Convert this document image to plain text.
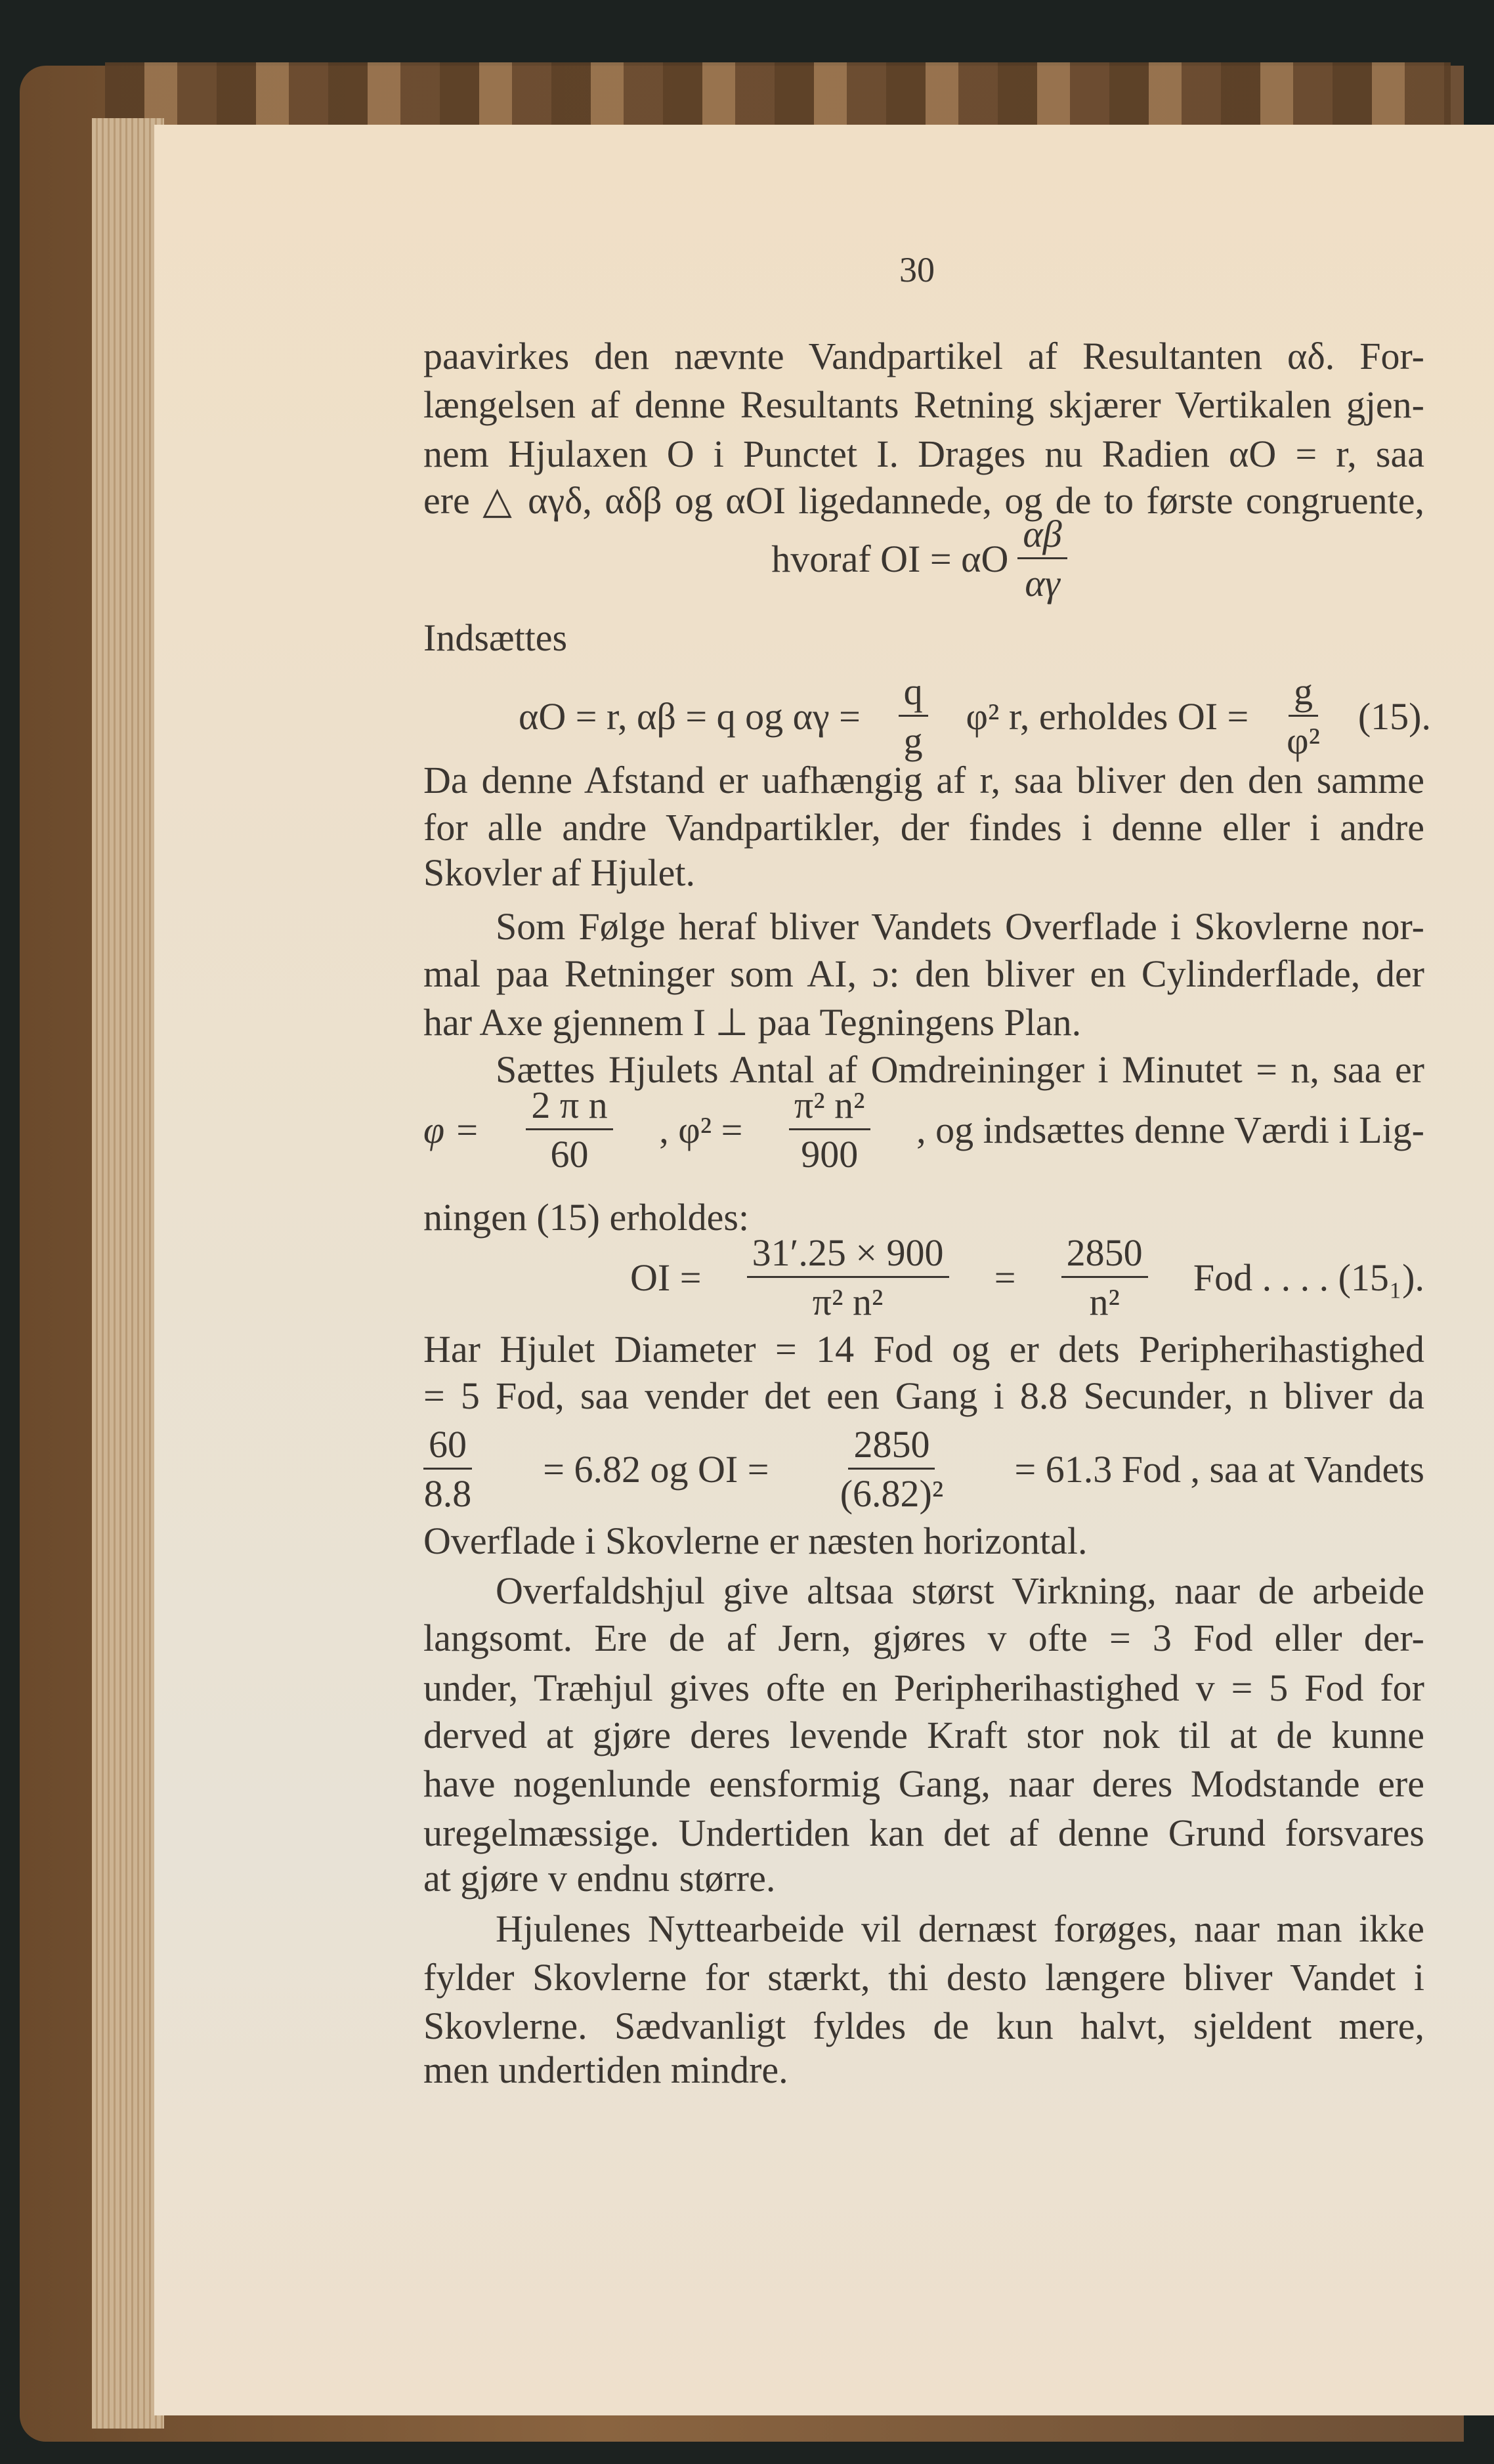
30
paavirkes den nævnte Vandpartikel af Resultanten αδ. For-
længelsen af denne Resultants Retning skjærer Vertikalen gjen-
nem Hjulaxen O i Punctet I. Drages nu Radien αO = r, saa
ere △ αγδ, αδβ og αOI ligedannede, og de to første congruente,
hvoraf OI = αO $\frac{\alpha\beta}{\alpha\gamma}$
Indsættes
αO = r, αβ = q og $\alpha\gamma = \frac{q}{g} \varphi^2$ r, erholdes OI = $\frac{g}{\text{φ²}} (15)$.
Da denne Afstand er uafhængig af r, saa bliver den den samme
for alle andre Vandpartikler, der findes i denne eller i andre
Skovler af Hjulet.
Som Følge heraf bliver Vandets Overflade i Skovlerne nor-
mal paa Retninger som AI, ɔ: den bliver en Cylinderflade, der
har Axe gjennem I ⊥ paa Tegningens Plan.
Sættes Hjulets Antal af Omdreininger i Minutet = n, saa er
$\varphi = \frac{\text{2 π n}}{60}$ , $\varphi^2 = \frac{\text{π² n²}}{900}$ , og indsættes denne Værdi i Lig-
ningen (15) erholdes:
OI = $\frac{31'.25 \times 900}{\text{π² n²}} = \frac{2850}{\text{n²}}$ Fod . . . . (15₁).
Har Hjulet Diameter = 14 Fod og er dets Peripherihastighed
= 5 Fod, saa vender det een Gang i 8.8 Secunder, n bliver da
$\frac{60}{8.8} = 6.82$ og OI = $\frac{2850}{\text{(6.82)²}} = 61.3$ Fod , saa at Vandets
Overflade i Skovlerne er næsten horizontal.
Overfaldshjul give altsaa størst Virkning, naar de arbeide
langsomt. Ere de af Jern, gjøres v ofte = 3 Fod eller der-
under, Træhjul gives ofte en Peripherihastighed v = 5 Fod for
derved at gjøre deres levende Kraft stor nok til at de kunne
have nogenlunde eensformig Gang, naar deres Modstande ere
uregelmæssige. Undertiden kan det af denne Grund forsvares
at gjøre v endnu større.
Hjulenes Nyttearbeide vil dernæst forøges, naar man ikke
fylder Skovlerne for stærkt, thi desto længere bliver Vandet i
Skovlerne. Sædvanligt fyldes de kun halvt, sjeldent mere,
men undertiden mindre.
